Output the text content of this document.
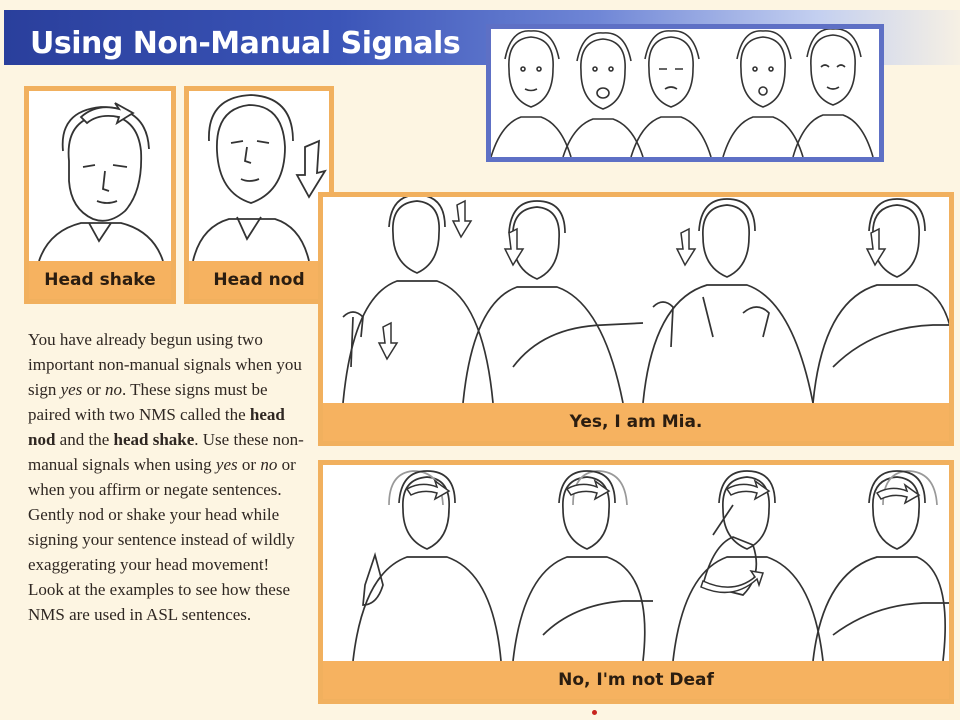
Using Non-Manual Signals
Head shake	Head nod
You have already begun using two important non-manual signals when you sign yes or no. These signs must be paired with two NMS called the head nod and the head shake. Use these non-manual signals when using yes or no or when you affirm or negate sentences. Gently nod or shake your head while signing your sentence instead of wildly exaggerating your head movement! Look at the examples to see how these NMS are used in ASL sentences.
Yes, I am Mia.
No, I'm not Deaf
